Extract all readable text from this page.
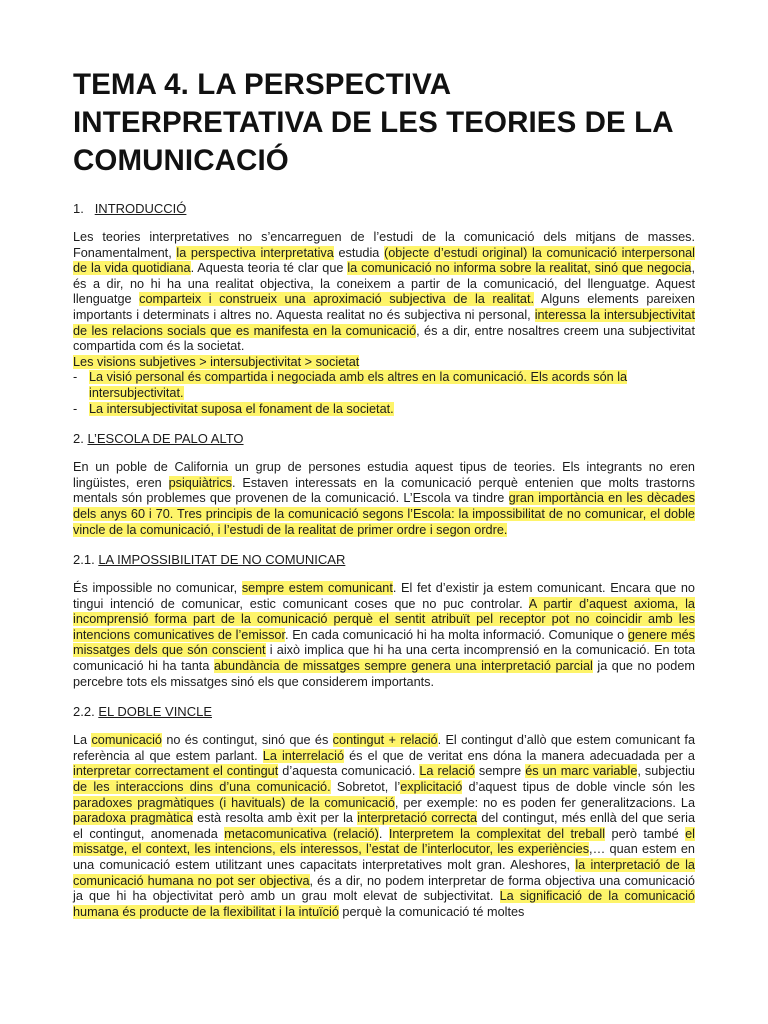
TEMA 4. LA PERSPECTIVA INTERPRETATIVA DE LES TEORIES DE LA COMUNICACIÓ
1. INTRODUCCIÓ

Les teories interpretatives no s’encarreguen de l’estudi de la comunicació dels mitjans de masses. Fonamentalment, la perspectiva interpretativa estudia (objecte d’estudi original) la comunicació interpersonal de la vida quotidiana. Aquesta teoria té clar que la comunicació no informa sobre la realitat, sinó que negocia, és a dir, no hi ha una realitat objectiva, la coneixem a partir de la comunicació, del llenguatge. Aquest llenguatge comparteix i construeix una aproximació subjectiva de la realitat. Alguns elements pareixen importants i determinats i altres no. Aquesta realitat no és subjectiva ni personal, interessa la intersubjectivitat de les relacions socials que es manifesta en la comunicació, és a dir, entre nosaltres creem una subjectivitat compartida com és la societat.

Les visions subjetives > intersubjectivitat > societat

- La visió personal és compartida i negociada amb els altres en la comunicació. Els acords són la intersubjectivitat.
- La intersubjectivitat suposa el fonament de la societat.
2. L’ESCOLA DE PALO ALTO

En un poble de California un grup de persones estudia aquest tipus de teories. Els integrants no eren lingüistes, eren psiquiàtrics. Estaven interessats en la comunicació perquè entenien que molts trastorns mentals són problemes que provenen de la comunicació. L’Escola va tindre gran importància en les dècades dels anys 60 i 70. Tres principis de la comunicació segons l’Escola: la impossibilitat de no comunicar, el doble vincle de la comunicació, i l’estudi de la realitat de primer ordre i segon ordre.

2.1. LA IMPOSSIBILITAT DE NO COMUNICAR

És impossible no comunicar, sempre estem comunicant. El fet d’existir ja estem comunicant. Encara que no tingui intenció de comunicar, estic comunicant coses que no puc controlar. A partir d’aquest axioma, la incomprensió forma part de la comunicació perquè el sentit atribuït pel receptor pot no coincidir amb les intencions comunicatives de l’emissor. En cada comunicació hi ha molta informació. Comunique o genere més missatges dels que són conscient i això implica que hi ha una certa incomprensió en la comunicació. En tota comunicació hi ha tanta abundància de missatges sempre genera una interpretació parcial ja que no podem percebre tots els missatges sinó els que considerem importants.

2.2. EL DOBLE VINCLE

La comunicació no és contingut, sinó que és contingut + relació. El contingut d’allò que estem comunicant fa referència al que estem parlant. La interrelació és el que de veritat ens dóna la manera adecuadada per a interpretar correctament el contingut d’aquesta comunicació. La relació sempre és un marc variable, subjectiu de les interaccions dins d’una comunicació. Sobretot, l’explicitació d’aquest tipus de doble vincle són les paradoxes pragmàtiques (i havituals) de la comunicació, per exemple: no es poden fer generalitzacions. La paradoxa pragmàtica està resolta amb èxit per la interpretació correcta del contingut, més enllà del que seria el contingut, anomenada metacomunicativa (relació). Interpretem la complexitat del treball però també el missatge, el context, les intencions, els interessos, l’estat de l’interlocutor, les experiències,… quan estem en una comunicació estem utilitzant unes capacitats interpretatives molt gran. Aleshores, la interpretació de la comunicació humana no pot ser objectiva, és a dir, no podem interpretar de forma objectiva una comunicació ja que hi ha objectivitat però amb un grau molt elevat de subjectivitat. La significació de la comunicació humana és producte de la flexibilitat i la intuïció perquè la comunicació té moltes
